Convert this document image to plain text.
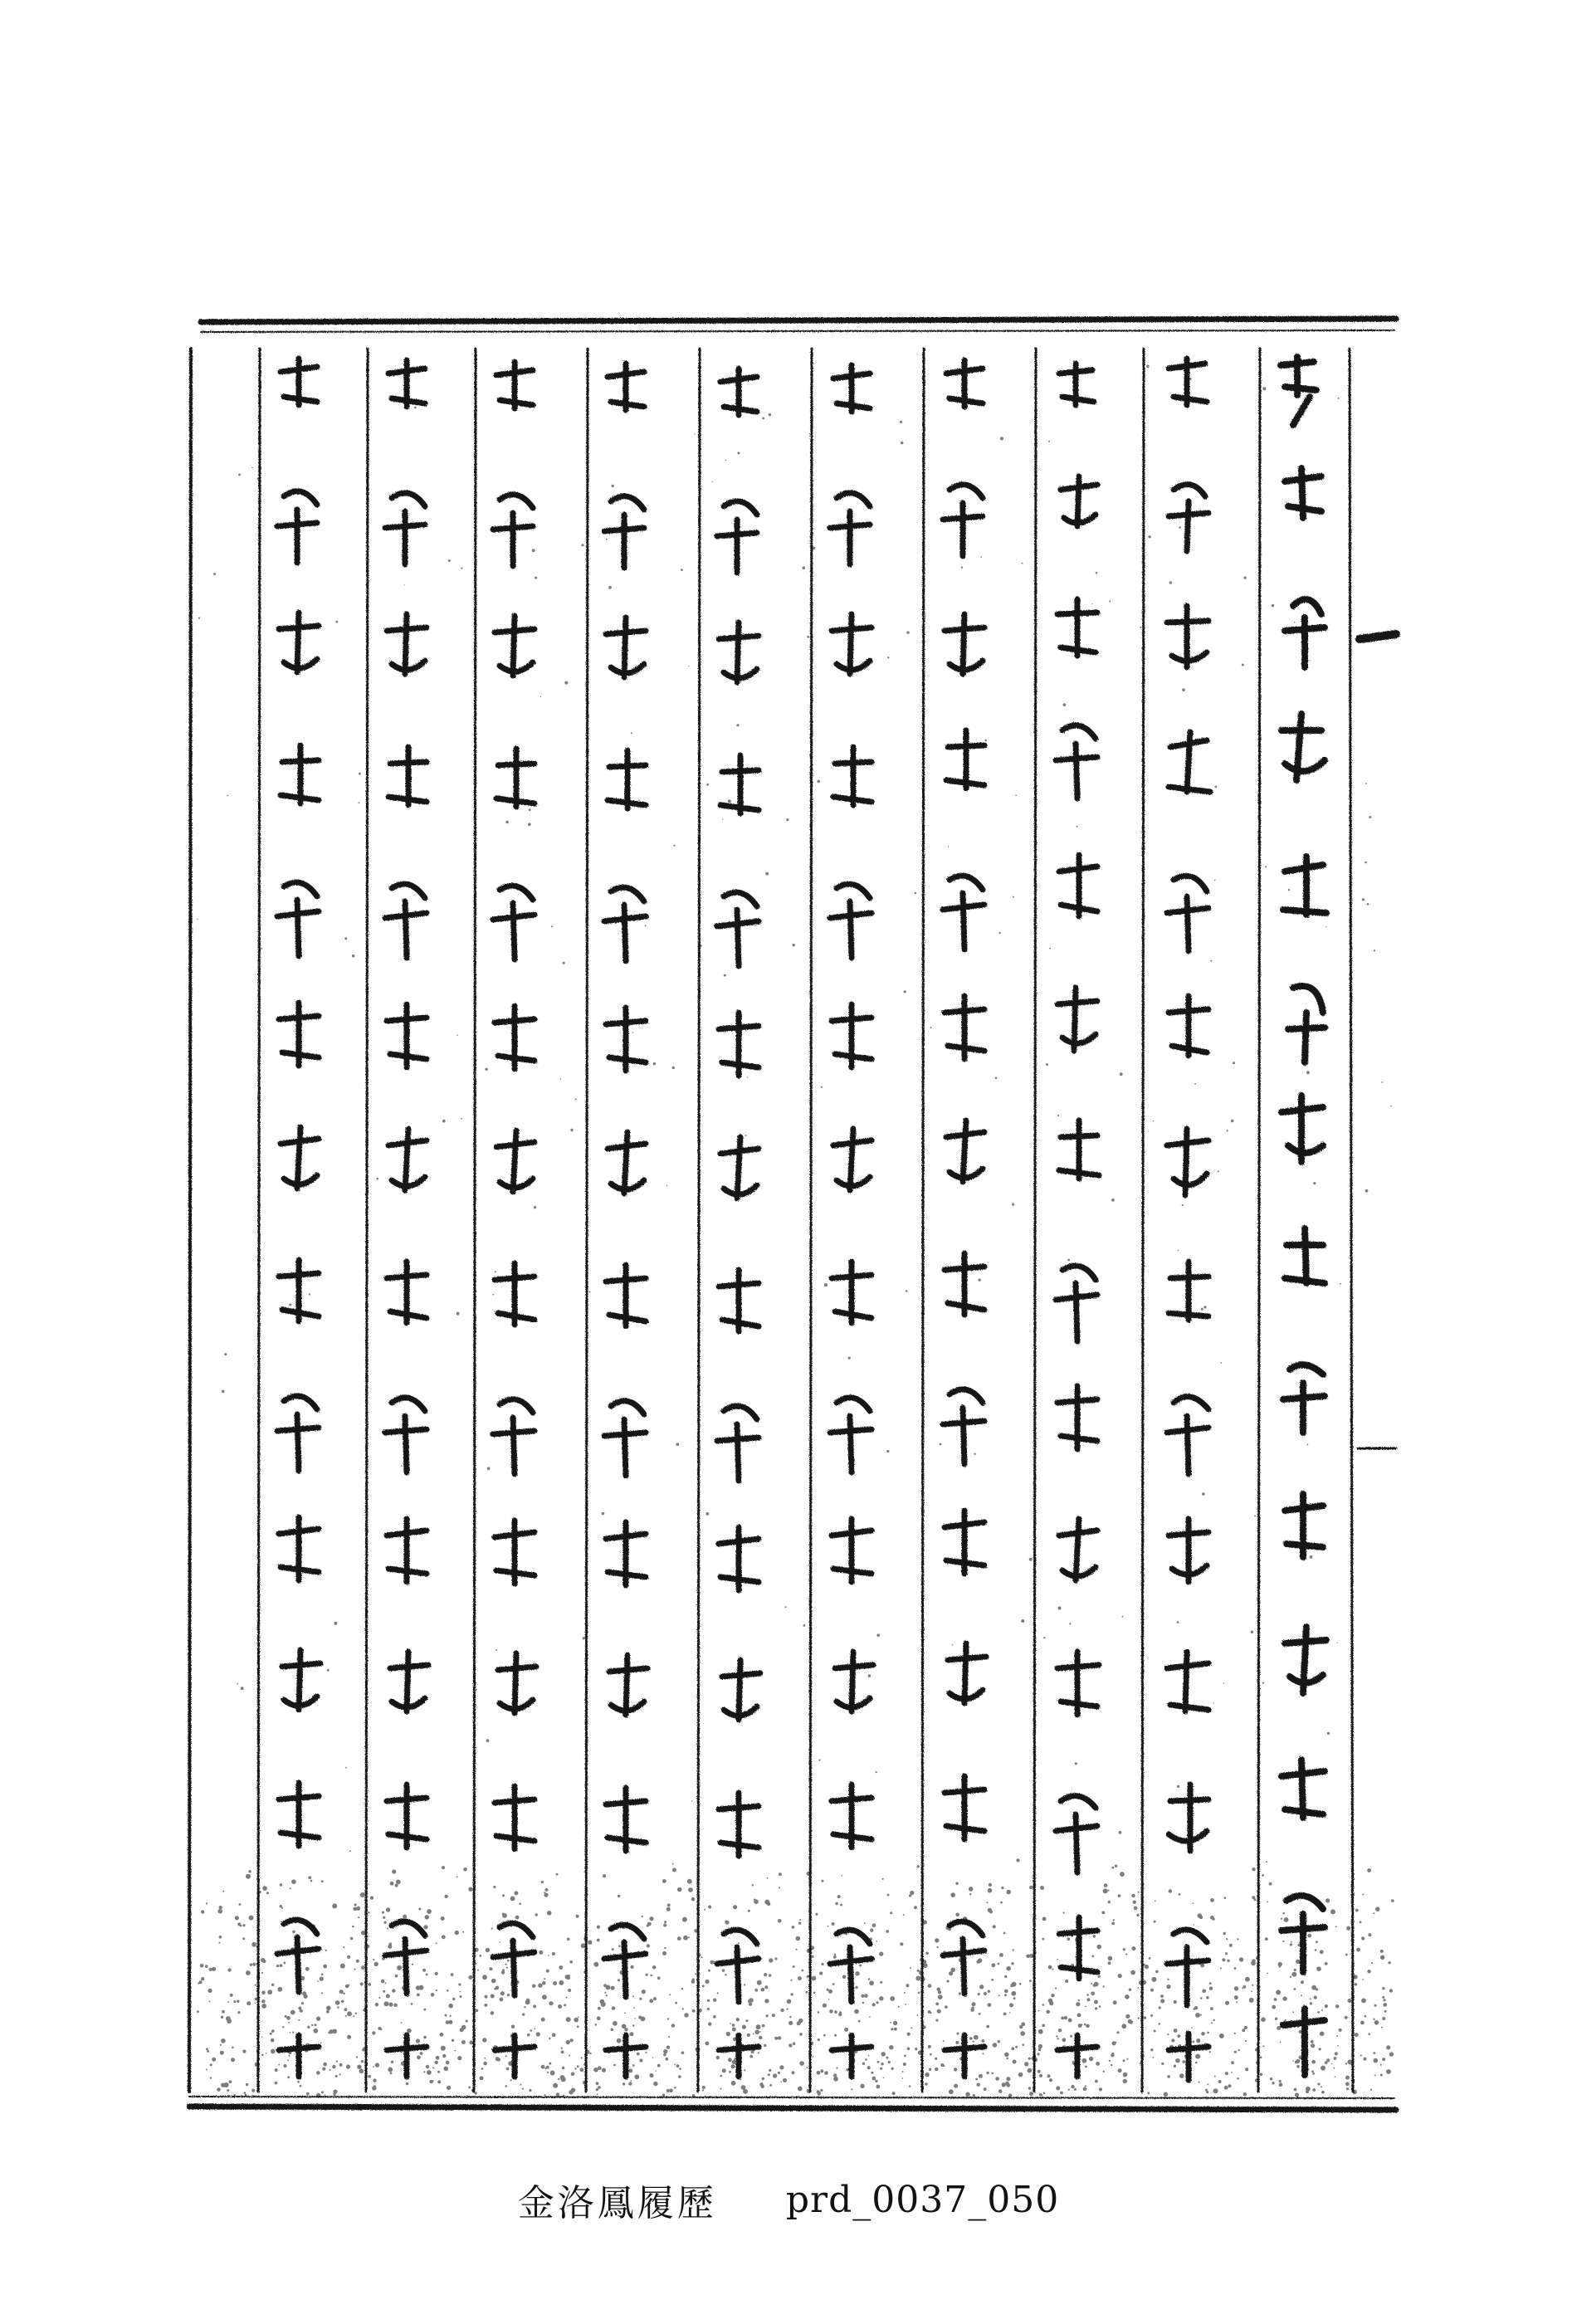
金洛鳳履歷 prd_0037_050
